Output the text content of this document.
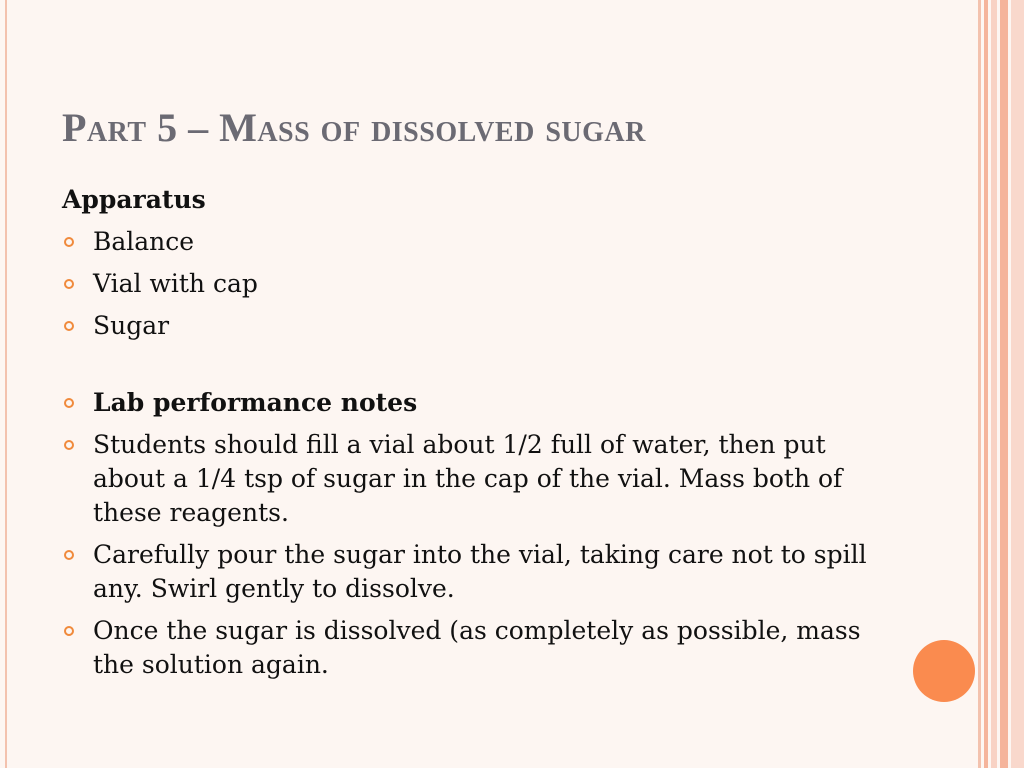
Part 5 – Mass of dissolved sugar
Apparatus
Balance
Vial with cap
Sugar
Lab performance notes
Students should fill a vial about 1/2 full of water, then put about a 1/4 tsp of sugar in the cap of the vial. Mass both of these reagents.
Carefully pour the sugar into the vial, taking care not to spill any. Swirl gently to dissolve.
Once the sugar is dissolved (as completely as possible, mass the solution again.
